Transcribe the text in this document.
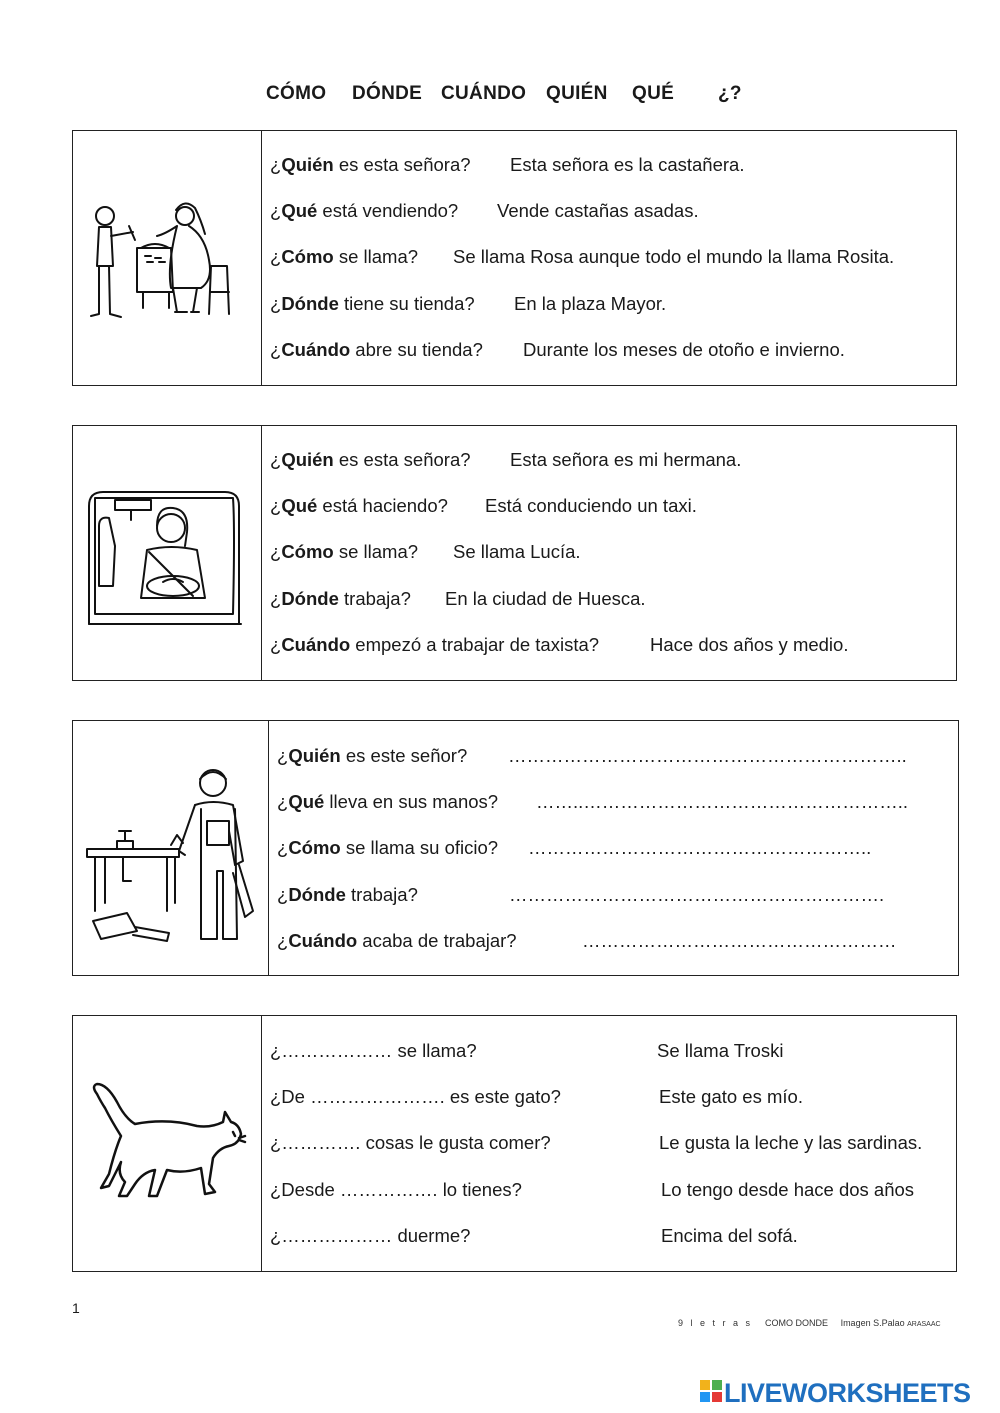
CÓMO DÓNDE CUÁNDO QUIÉN QUÉ ¿?
¿Quién es esta señora? Esta señora es la castañera.
¿Qué está vendiendo? Vende castañas asadas.
¿Cómo se llama? Se llama Rosa aunque todo el mundo la llama Rosita.
¿Dónde tiene su tienda? En la plaza Mayor.
¿Cuándo abre su tienda? Durante los meses de otoño e invierno.
¿Quién es esta señora? Esta señora es mi hermana.
¿Qué está haciendo? Está conduciendo un taxi.
¿Cómo se llama? Se llama Lucía.
¿Dónde trabaja? En la ciudad de Huesca.
¿Cuándo empezó a trabajar de taxista?	Hace dos años y medio.
¿Quién es este señor? ………………………………………………………..
¿Qué lleva en sus manos? ……..……………………………………………..
¿Cómo se llama su oficio? ………………………………………………..
¿Dónde trabaja?	…………………………………………………….
¿Cuándo acaba de trabajar?	……………………………………………
¿……………… se llama?	Se llama Troski
¿De …………………. es este gato?	Este gato es mío.
¿…………. cosas le gusta comer?	Le gusta la leche y las sardinas.
¿Desde ……………. lo tienes?	Lo tengo desde hace dos años
¿……………… duerme?	Encima del sofá.
1
9 l e t r a s COMO DONDE Imagen S.Palao ARASAAC
LIVEWORKSHEETS
